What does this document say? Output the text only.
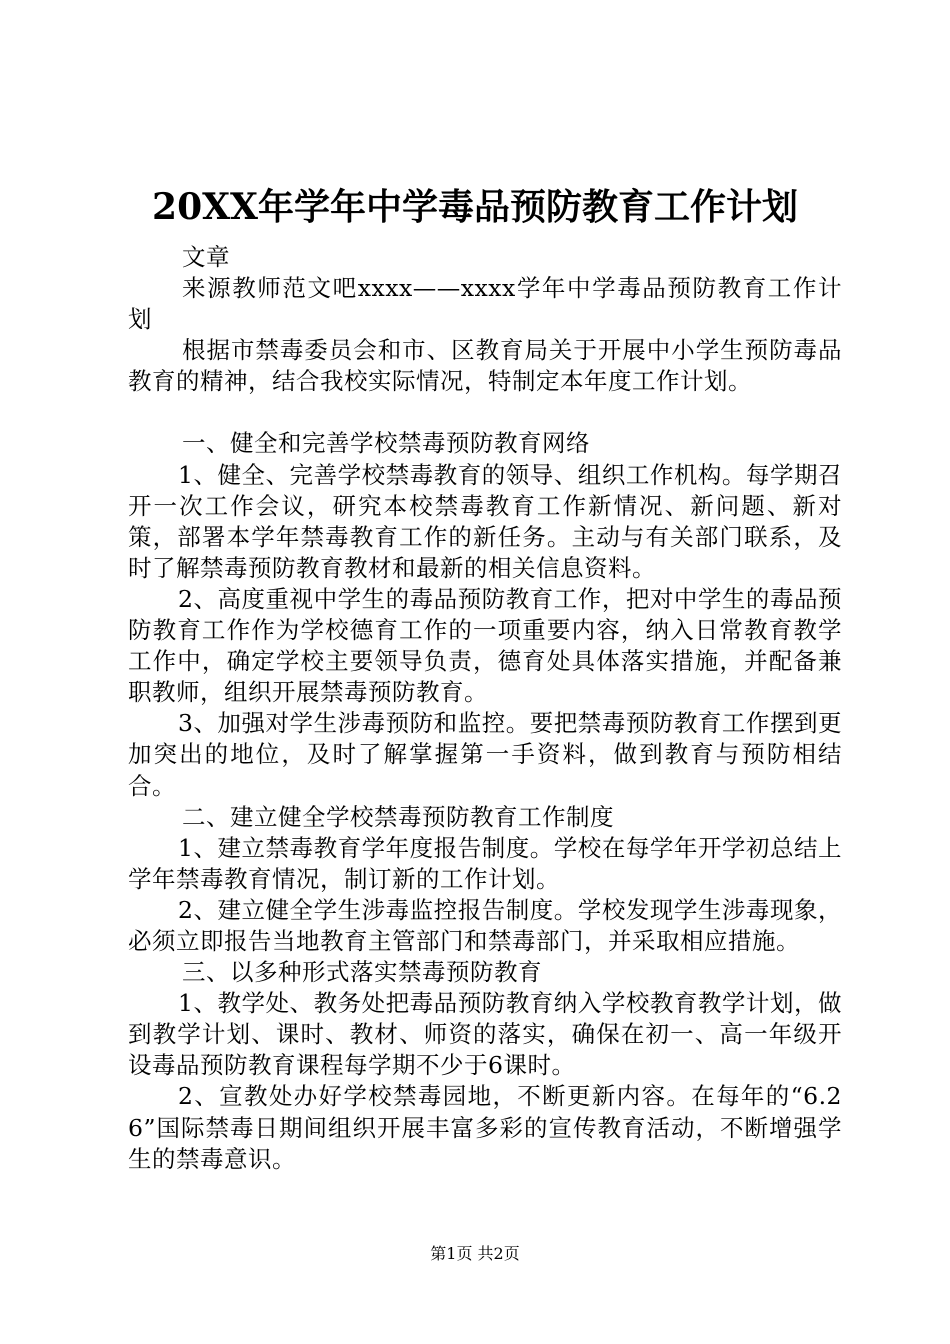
20XX年学年中学毒品预防教育工作计划

文章

来源教师范文吧xxxx——xxxx学年中学毒品预防教育工作计划

根据市禁毒委员会和市、区教育局关于开展中小学生预防毒品教育的精神，结合我校实际情况，特制定本年度工作计划。

一、健全和完善学校禁毒预防教育网络

1、健全、完善学校禁毒教育的领导、组织工作机构。每学期召开一次工作会议，研究本校禁毒教育工作新情况、新问题、新对策，部署本学年禁毒教育工作的新任务。主动与有关部门联系，及时了解禁毒预防教育教材和最新的相关信息资料。

2、高度重视中学生的毒品预防教育工作，把对中学生的毒品预防教育工作作为学校德育工作的一项重要内容，纳入日常教育教学工作中，确定学校主要领导负责，德育处具体落实措施，并配备兼职教师，组织开展禁毒预防教育。

3、加强对学生涉毒预防和监控。要把禁毒预防教育工作摆到更加突出的地位，及时了解掌握第一手资料，做到教育与预防相结合。

二、建立健全学校禁毒预防教育工作制度

1、建立禁毒教育学年度报告制度。学校在每学年开学初总结上学年禁毒教育情况，制订新的工作计划。

2、建立健全学生涉毒监控报告制度。学校发现学生涉毒现象，必须立即报告当地教育主管部门和禁毒部门，并采取相应措施。

三、以多种形式落实禁毒预防教育

1、教学处、教务处把毒品预防教育纳入学校教育教学计划，做到教学计划、课时、教材、师资的落实，确保在初一、高一年级开设毒品预防教育课程每学期不少于6课时。

2、宣教处办好学校禁毒园地，不断更新内容。在每年的“6.26”国际禁毒日期间组织开展丰富多彩的宣传教育活动，不断增强学生的禁毒意识。

第1页 共2页
